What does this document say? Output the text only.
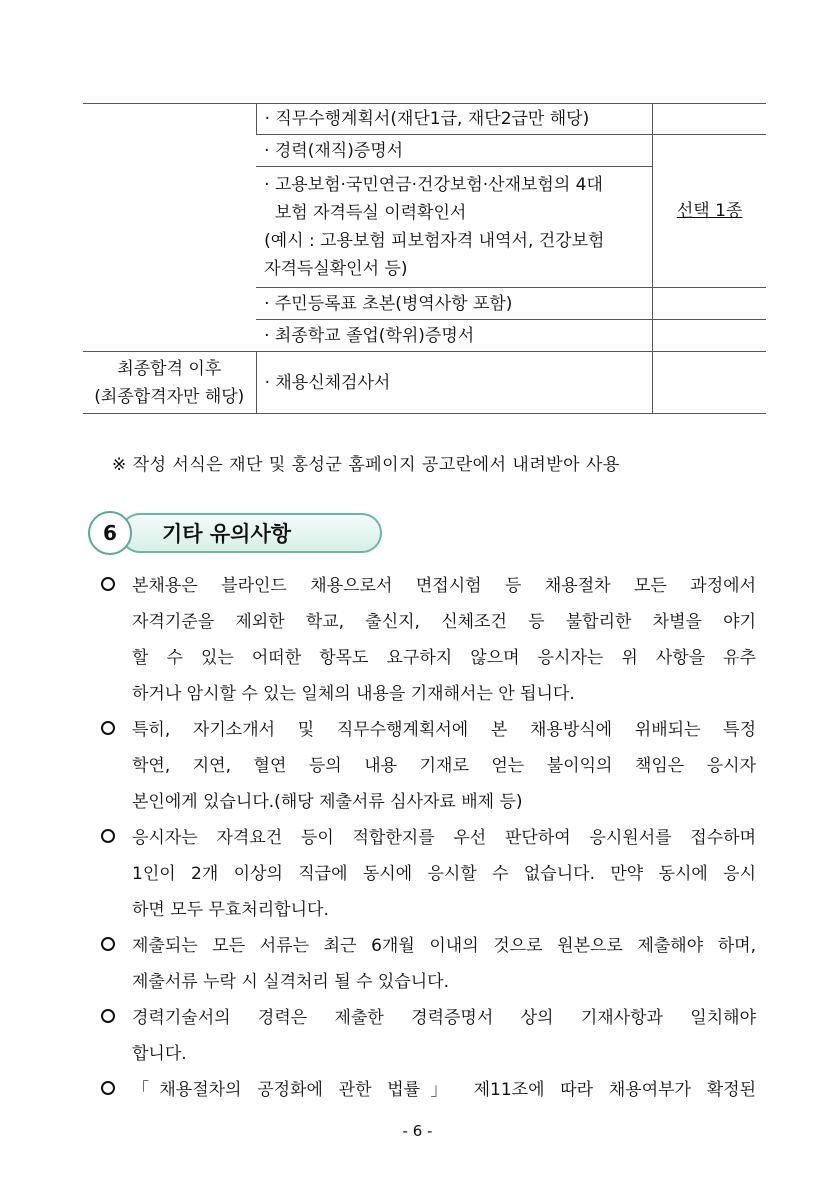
	· 직무수행계획서(재단1급, 재단2급만 해당)	
	· 경력(재직)증명서	선택 1종

	· 고용보험·국민연금·건강보험·산재보험의 4대
보험 자격득실 이력확인서
(예시 : 고용보험 피보험자격 내역서, 건강보험
자격득실확인서 등)	

	· 주민등록표 초본(병역사항 포함)	
	· 최종학교 졸업(학위)증명서	

최종합격 이후
(최종합격자만 해당)	· 채용신체검사서	
※ 작성 서식은 재단 및 홍성군 홈페이지 공고란에서 내려받아 사용
6	기타 유의사항
본채용은 블라인드 채용으로서 면접시험 등 채용절차 모든 과정에서
자격기준을 제외한 학교, 출신지, 신체조건 등 불합리한 차별을 야기
할 수 있는 어떠한 항목도 요구하지 않으며 응시자는 위 사항을 유추
하거나 암시할 수 있는 일체의 내용을 기재해서는 안 됩니다.
특히, 자기소개서 및 직무수행계획서에 본 채용방식에 위배되는 특정
학연, 지연, 혈연 등의 내용 기재로 얻는 불이익의 책임은 응시자
본인에게 있습니다.(해당 제출서류 심사자료 배제 등)
응시자는 자격요건 등이 적합한지를 우선 판단하여 응시원서를 접수하며
1인이 2개 이상의 직급에 동시에 응시할 수 없습니다. 만약 동시에 응시
하면 모두 무효처리합니다.
제출되는 모든 서류는 최근 6개월 이내의 것으로 원본으로 제출해야 하며,
제출서류 누락 시 실격처리 될 수 있습니다.
경력기술서의 경력은 제출한 경력증명서 상의 기재사항과 일치해야
합니다.
「채용절차의 공정화에 관한 법률」 제11조에 따라 채용여부가 확정된
- 6 -
